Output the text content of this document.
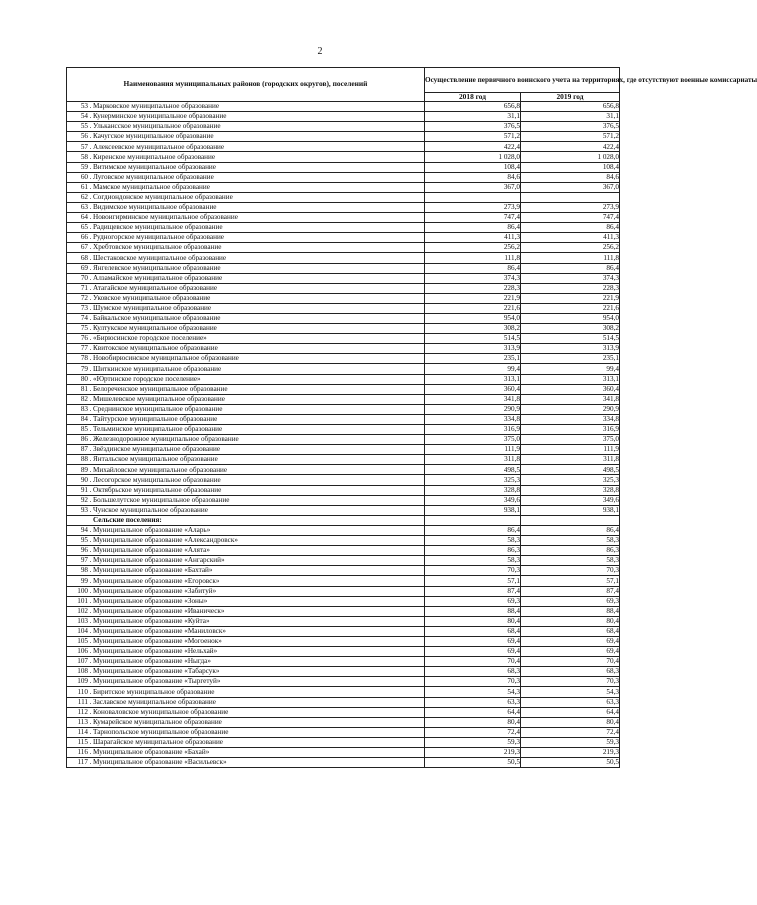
2
Наименования муниципальных районов (городских округов), поселений	Осуществление первичного воинского учета на территориях, где отсутствуют военные комиссариаты	
	2018 год	2019 год
53 . Марковское муниципальное образование	656,8	656,8
54 . Кунерминское муниципальное образование	31,1	31,1
55 . Улькансское муниципальное образование	376,5	376,5
56 . Качугское муниципальное образование	571,2	571,2
57 . Алексеевское муниципальное образование	422,4	422,4
58 . Киренское муниципальное образование	1 028,0	1 028,0
59 . Витимское муниципальное образование	108,4	108,4
60 . Луговское муниципальное образование	84,6	84,6
61 . Мамское муниципальное образование	367,0	367,0
62 . Согдиондонское муниципальное образование		
63 . Видимское муниципальное образование	273,9	273,9
64 . Новоигирминское муниципальное образование	747,4	747,4
65 . Радищевское муниципальное образование	86,4	86,4
66 . Рудногорское муниципальное образование	411,3	411,3
67 . Хребтовское муниципальное образование	256,2	256,2
68 . Шестаковское муниципальное образование	111,8	111,8
69 . Янгелевское муниципальное образование	86,4	86,4
70 . Алзамайское муниципальное образование	374,3	374,3
71 . Атагайское муниципальное образование	228,3	228,3
72 . Уковское муниципальное образование	221,9	221,9
73 . Шумское муниципальное образование	221,6	221,6
74 . Байкальское муниципальное образование	954,0	954,0
75 . Култукское муниципальное образование	308,2	308,2
76 . «Бирюсинское городское поселение»	514,5	514,5
77 . Квитокское муниципальное образование	313,9	313,9
78 . Новобирюсинское муниципальное образование	235,1	235,1
79 . Шиткинское муниципальное образование	99,4	99,4
80 . «Юртинское городское поселение»	313,1	313,1
81 . Белореченское муниципальное образование	360,4	360,4
82 . Мишелевское муниципальное образование	341,8	341,8
83 . Среднинское муниципальное образование	290,9	290,9
84 . Тайтурское муниципальное образование	334,8	334,8
85 . Тельминское муниципальное образование	316,9	316,9
86 . Железнодорожное муниципальное образование	375,0	375,0
87 . Звёздинское муниципальное образование	111,9	111,9
88 . Янтальское муниципальное образование	311,8	311,8
89 . Михайловское муниципальное образование	498,5	498,5
90 . Лесогорское муниципальное образование	325,3	325,3
91 . Октябрьское муниципальное образование	328,8	328,8
92 . Большелутское муниципальное образование	349,6	349,6
93 . Чунское муниципальное образование	938,1	938,1
Сельские поселения:		
94 . Муниципальное образование «Аларь»	86,4	86,4
95 . Муниципальное образование «Александровск»	58,3	58,3
96 . Муниципальное образование «Алята»	86,3	86,3
97 . Муниципальное образование «Ангарский»	58,3	58,3
98 . Муниципальное образование «Бахтай»	70,3	70,3
99 . Муниципальное образование «Егоровск»	57,1	57,1
100 . Муниципальное образование «Забитуй»	87,4	87,4
101 . Муниципальное образование «Зоны»	69,3	69,3
102 . Муниципальное образование «Иваническ»	88,4	88,4
103 . Муниципальное образование «Куйта»	80,4	80,4
104 . Муниципальное образование «Маниловск»	68,4	68,4
105 . Муниципальное образование «Могоенок»	69,4	69,4
106 . Муниципальное образование «Нельхай»	69,4	69,4
107 . Муниципальное образование «Ныгда»	70,4	70,4
108 . Муниципальное образование «Табарсук»	68,3	68,3
109 . Муниципальное образование «Тыргетуй»	70,3	70,3
110 . Биритское муниципальное образование	54,3	54,3
111 . Заславское муниципальное образование	63,3	63,3
112 . Коноваловское муниципальное образование	64,4	64,4
113 . Кумарейское муниципальное образование	80,4	80,4
114 . Тарнопольское муниципальное образование	72,4	72,4
115 . Шарагайское муниципальное образование	59,3	59,3
116 . Муниципальное образование «Бахай»	219,3	219,3
117 . Муниципальное образование «Васильевск»	50,5	50,5
